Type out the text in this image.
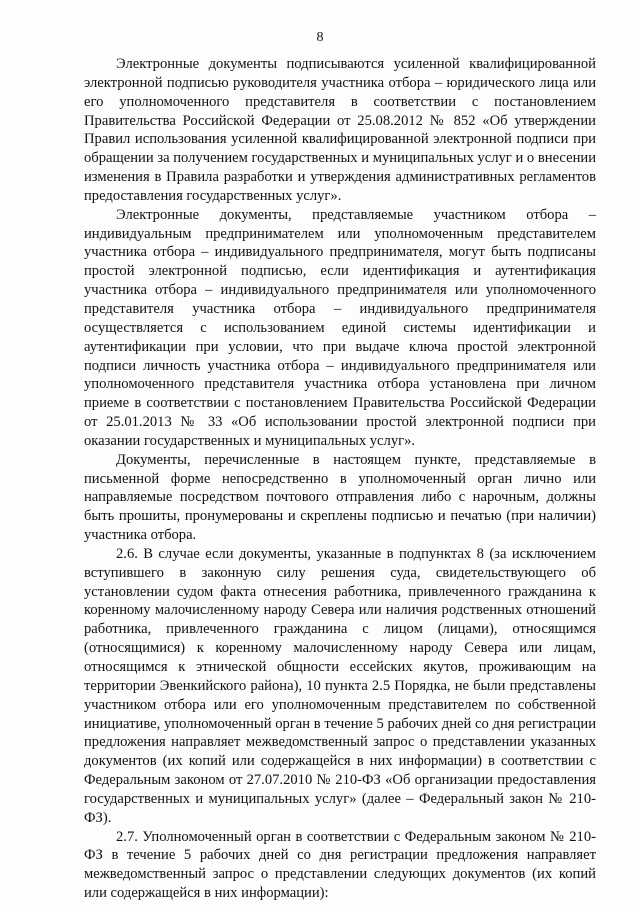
8

Электронные документы подписываются усиленной квалифицированной электронной подписью руководителя участника отбора – юридического лица или его уполномоченного представителя в соответствии с постановлением Правительства Российской Федерации от 25.08.2012 № 852 «Об утверждении Правил использования усиленной квалифицированной электронной подписи при обращении за получением государственных и муниципальных услуг и о внесении изменения в Правила разработки и утверждения административных регламентов предоставления государственных услуг».

Электронные документы, представляемые участником отбора – индивидуальным предпринимателем или уполномоченным представителем участника отбора – индивидуального предпринимателя, могут быть подписаны простой электронной подписью, если идентификация и аутентификация участника отбора – индивидуального предпринимателя или уполномоченного представителя участника отбора – индивидуального предпринимателя осуществляется с использованием единой системы идентификации и аутентификации при условии, что при выдаче ключа простой электронной подписи личность участника отбора – индивидуального предпринимателя или уполномоченного представителя участника отбора установлена при личном приеме в соответствии с постановлением Правительства Российской Федерации от 25.01.2013 № 33 «Об использовании простой электронной подписи при оказании государственных и муниципальных услуг».

Документы, перечисленные в настоящем пункте, представляемые в письменной форме непосредственно в уполномоченный орган лично или направляемые посредством почтового отправления либо с нарочным, должны быть прошиты, пронумерованы и скреплены подписью и печатью (при наличии) участника отбора.

2.6. В случае если документы, указанные в подпунктах 8 (за исключением вступившего в законную силу решения суда, свидетельствующего об установлении судом факта отнесения работника, привлеченного гражданина к коренному малочисленному народу Севера или наличия родственных отношений работника, привлеченного гражданина с лицом (лицами), относящимся (относящимися) к коренному малочисленному народу Севера или лицам, относящимся к этнической общности ессейских якутов, проживающим на территории Эвенкийского района), 10 пункта 2.5 Порядка, не были представлены участником отбора или его уполномоченным представителем по собственной инициативе, уполномоченный орган в течение 5 рабочих дней со дня регистрации предложения направляет межведомственный запрос о представлении указанных документов (их копий или содержащейся в них информации) в соответствии с Федеральным законом от 27.07.2010 № 210-ФЗ «Об организации предоставления государственных и муниципальных услуг» (далее – Федеральный закон № 210-ФЗ).

2.7. Уполномоченный орган в соответствии с Федеральным законом № 210-ФЗ в течение 5 рабочих дней со дня регистрации предложения направляет межведомственный запрос о представлении следующих документов (их копий или содержащейся в них информации):
